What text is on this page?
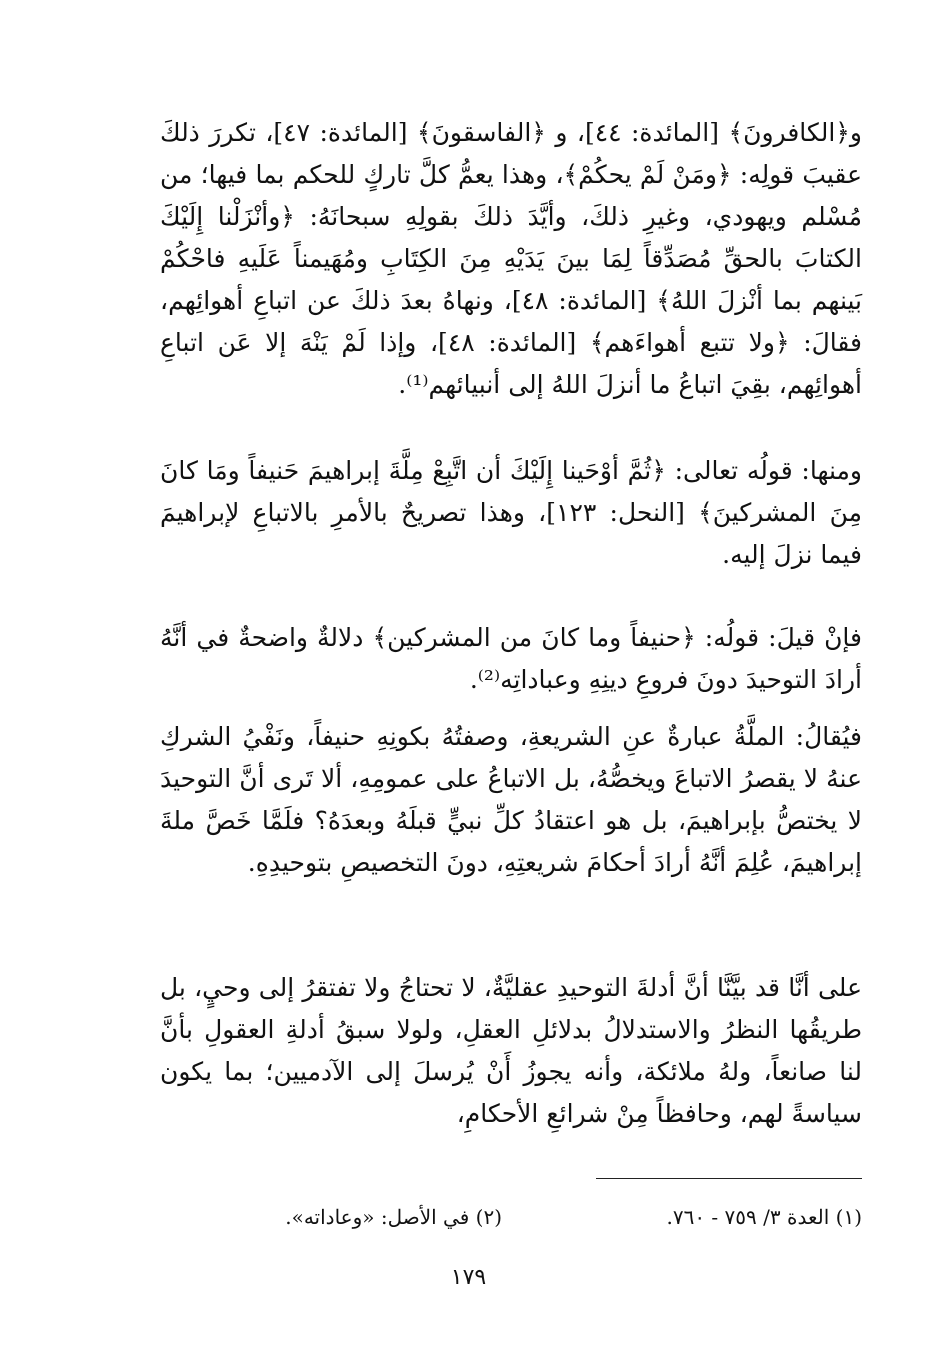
و﴿الكافرونَ﴾ [المائدة: ٤٤]، و ﴿الفاسقونَ﴾ [المائدة: ٤٧]، تكررَ ذلكَ عقيبَ قولِه: ﴿ومَنْ لَمْ يحكُمْ﴾، وهذا يعمُّ كلَّ تاركٍ للحكم بما فيها؛ من مُسْلم ويهودي، وغيرِ ذلكَ، وأيَّدَ ذلكَ بقولِهِ سبحانَهُ: ﴿وأنْزَلْنا إِلَيْكَ الكتابَ بالحقِّ مُصَدِّقاً لِمَا بينَ يَدَيْهِ مِنَ الكِتَابِ ومُهَيمناً عَلَيهِ فاحْكُمْ بَينهم بما أنْزلَ اللهُ﴾ [المائدة: ٤٨]، ونهاهُ بعدَ ذلكَ عن اتباعِ أهوائِهم، فقالَ: ﴿ولا تتبع أهواءَهم﴾ [المائدة: ٤٨]، وإذا لَمْ يَنْهَ إلا عَن اتباعِ أهوائِهم، بقِيَ اتباعُ ما أنزلَ اللهُ إلى أنبيائهم⁽¹⁾.

ومنها: قولُه تعالى: ﴿ثُمَّ أوْحَينا إِلَيْكَ أن اتَّبِعْ مِلَّةَ إبراهيمَ حَنيفاً ومَا كانَ مِنَ المشركينَ﴾ [النحل: ١٢٣]، وهذا تصريحٌ بالأمرِ بالاتباعِ لإبراهيمَ فيما نزلَ إليه.

فإنْ قيلَ: قولُه: ﴿حنيفاً وما كانَ من المشركين﴾ دلالةٌ واضحةٌ في أنَّهُ أرادَ التوحيدَ دونَ فروعِ دينِهِ وعباداتِه⁽²⁾.

فيُقالُ: الملَّةُ عبارةٌ عنِ الشريعةِ، وصفتُهُ بكونِهِ حنيفاً، ونَفْيُ الشركِ عنهُ لا يقصرُ الاتباعَ ويخصُّهُ، بل الاتباعُ على عمومِهِ، ألا تَرى أنَّ التوحيدَ لا يختصُّ بإبراهيمَ، بل هو اعتقادُ كلِّ نبيٍّ قبلَهُ وبعدَهُ؟ فلَمَّا خَصَّ ملةَ إبراهيمَ، عُلِمَ أنَّهُ أرادَ أحكامَ شريعتِهِ، دونَ التخصيصِ بتوحيدِهِ.

على أنَّا قد بيَّنَّا أنَّ أدلةَ التوحيدِ عقليَّةٌ، لا تحتاجُ ولا تفتقرُ إلى وحيٍ، بل طريقُها النظرُ والاستدلالُ بدلائلِ العقلِ، ولولا سبقُ أدلةِ العقولِ بأنَّ لنا صانعاً، ولهُ ملائكة، وأنه يجوزُ أَنْ يُرسلَ إلى الآدميين؛ بما يكون سياسةً لهم، وحافظاً مِنْ شرائعِ الأحكامِ،

(١) العدة ٣/ ٧٥٩ - ٧٦٠.
(٢) في الأصل: «وعاداته».
١٧٩
